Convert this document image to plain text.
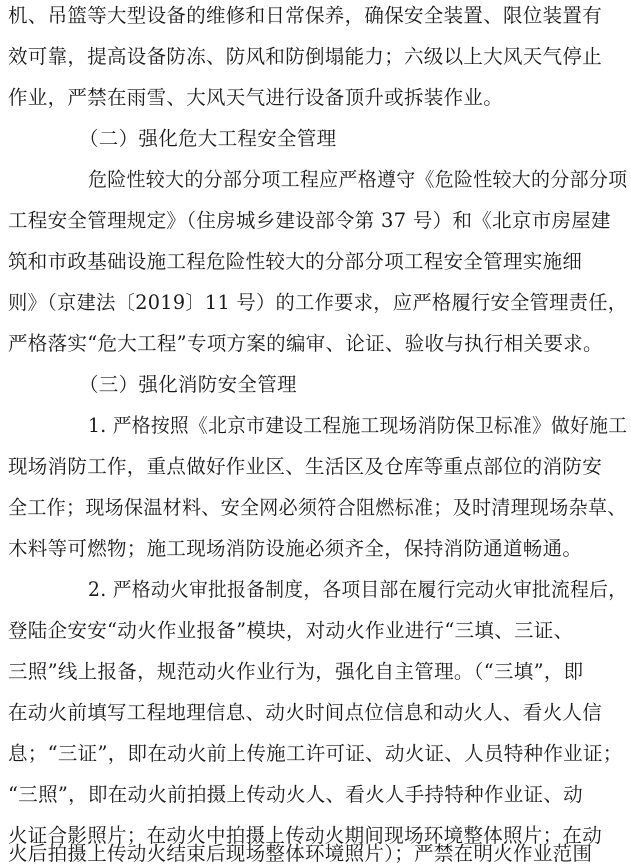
机、吊篮等大型设备的维修和日常保养，确保安全装置、限位装置有
效可靠，提高设备防冻、防风和防倒塌能力；六级以上大风天气停止
作业，严禁在雨雪、大风天气进行设备顶升或拆装作业。
（二）强化危大工程安全管理
危险性较大的分部分项工程应严格遵守《危险性较大的分部分项
工程安全管理规定》（住房城乡建设部令第 37 号）和《北京市房屋建
筑和市政基础设施工程危险性较大的分部分项工程安全管理实施细
则》（京建法〔2019〕11 号）的工作要求，应严格履行安全管理责任，
严格落实“危大工程”专项方案的编审、论证、验收与执行相关要求。
（三）强化消防安全管理
1. 严格按照《北京市建设工程施工现场消防保卫标准》做好施工
现场消防工作，重点做好作业区、生活区及仓库等重点部位的消防安
全工作；现场保温材料、安全网必须符合阻燃标准；及时清理现场杂草、
木料等可燃物；施工现场消防设施必须齐全，保持消防通道畅通。
2. 严格动火审批报备制度，各项目部在履行完动火审批流程后，
登陆企安安“动火作业报备”模块，对动火作业进行“三填、三证、
三照”线上报备，规范动火作业行为，强化自主管理。（“三填”，即
在动火前填写工程地理信息、动火时间点位信息和动火人、看火人信
息；“三证”，即在动火前上传施工许可证、动火证、人员特种作业证；
“三照”，即在动火前拍摄上传动火人、看火人手持特种作业证、动
火证合影照片；在动火中拍摄上传动火期间现场环境整体照片；在动
火后拍摄上传动火结束后现场整体环境照片）；严禁在明火作业范围
